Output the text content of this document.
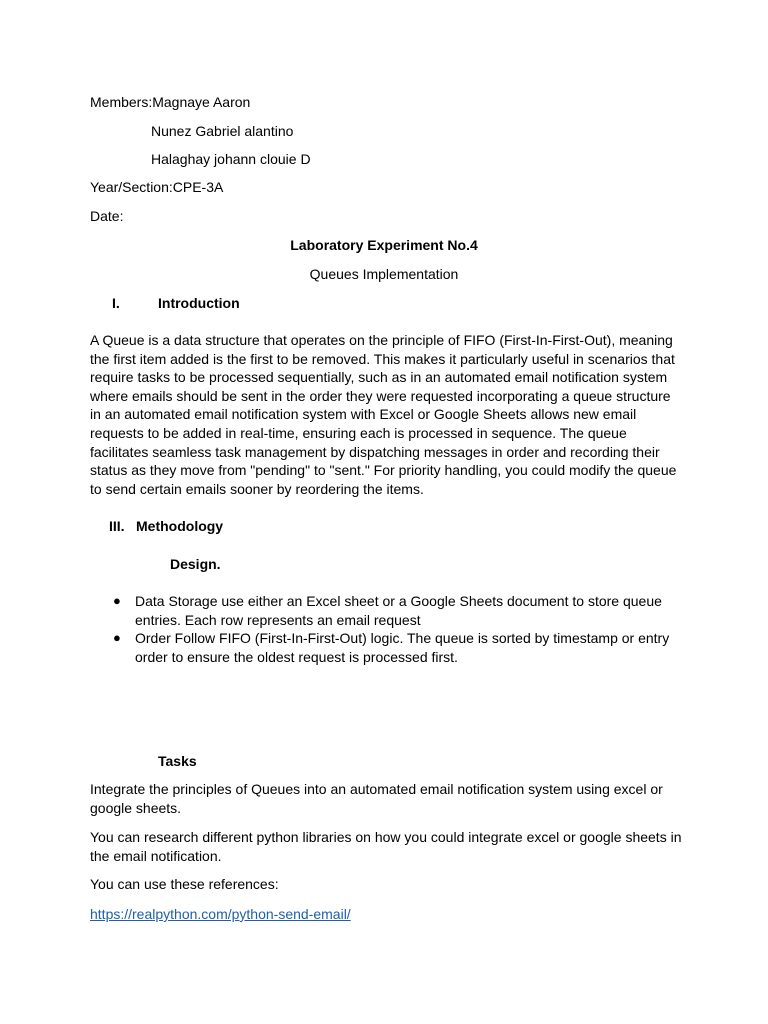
Members:Magnaye Aaron
Nunez Gabriel alantino
Halaghay johann clouie D
Year/Section:CPE-3A
Date:
Laboratory Experiment No.4
Queues Implementation
I.	Introduction
A Queue is a data structure that operates on the principle of FIFO (First-In-First-Out), meaning the first item added is the first to be removed. This makes it particularly useful in scenarios that require tasks to be processed sequentially, such as in an automated email notification system where emails should be sent in the order they were requested incorporating a queue structure in an automated email notification system with Excel or Google Sheets allows new email requests to be added in real-time, ensuring each is processed in sequence. The queue facilitates seamless task management by dispatching messages in order and recording their status as they move from "pending" to "sent." For priority handling, you could modify the queue to send certain emails sooner by reordering the items.
III. Methodology
Design.
● Data Storage use either an Excel sheet or a Google Sheets document to store queue entries. Each row represents an email request
● Order Follow FIFO (First-In-First-Out) logic. The queue is sorted by timestamp or entry order to ensure the oldest request is processed first.
Tasks
Integrate the principles of Queues into an automated email notification system using excel or google sheets.
You can research different python libraries on how you could integrate excel or google sheets in the email notification.
You can use these references:
https://realpython.com/python-send-email/
